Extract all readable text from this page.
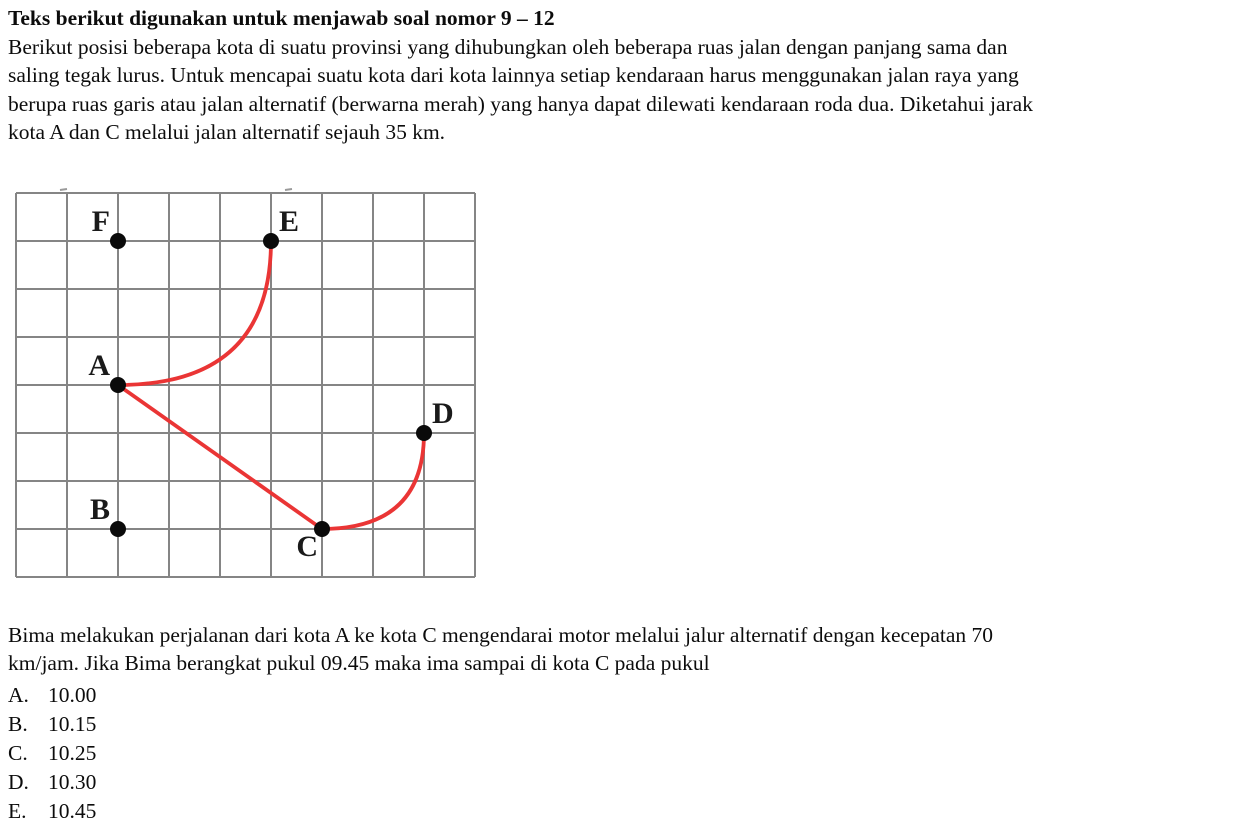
Teks berikut digunakan untuk menjawab soal nomor 9 – 12
Berikut posisi beberapa kota di suatu provinsi yang dihubungkan oleh beberapa ruas jalan dengan panjang sama dan
saling tegak lurus. Untuk mencapai suatu kota dari kota lainnya setiap kendaraan harus menggunakan jalan raya yang
berupa ruas garis atau jalan alternatif (berwarna merah) yang hanya dapat dilewati kendaraan roda dua. Diketahui jarak
kota A dan C melalui jalan alternatif sejauh 35 km.
F	E
A
D
B
C
Bima melakukan perjalanan dari kota A ke kota C mengendarai motor melalui jalur alternatif dengan kecepatan 70
km/jam. Jika Bima berangkat pukul 09.45 maka ima sampai di kota C pada pukul
A. 10.00
B. 10.15
C. 10.25
D. 10.30
E. 10.45
